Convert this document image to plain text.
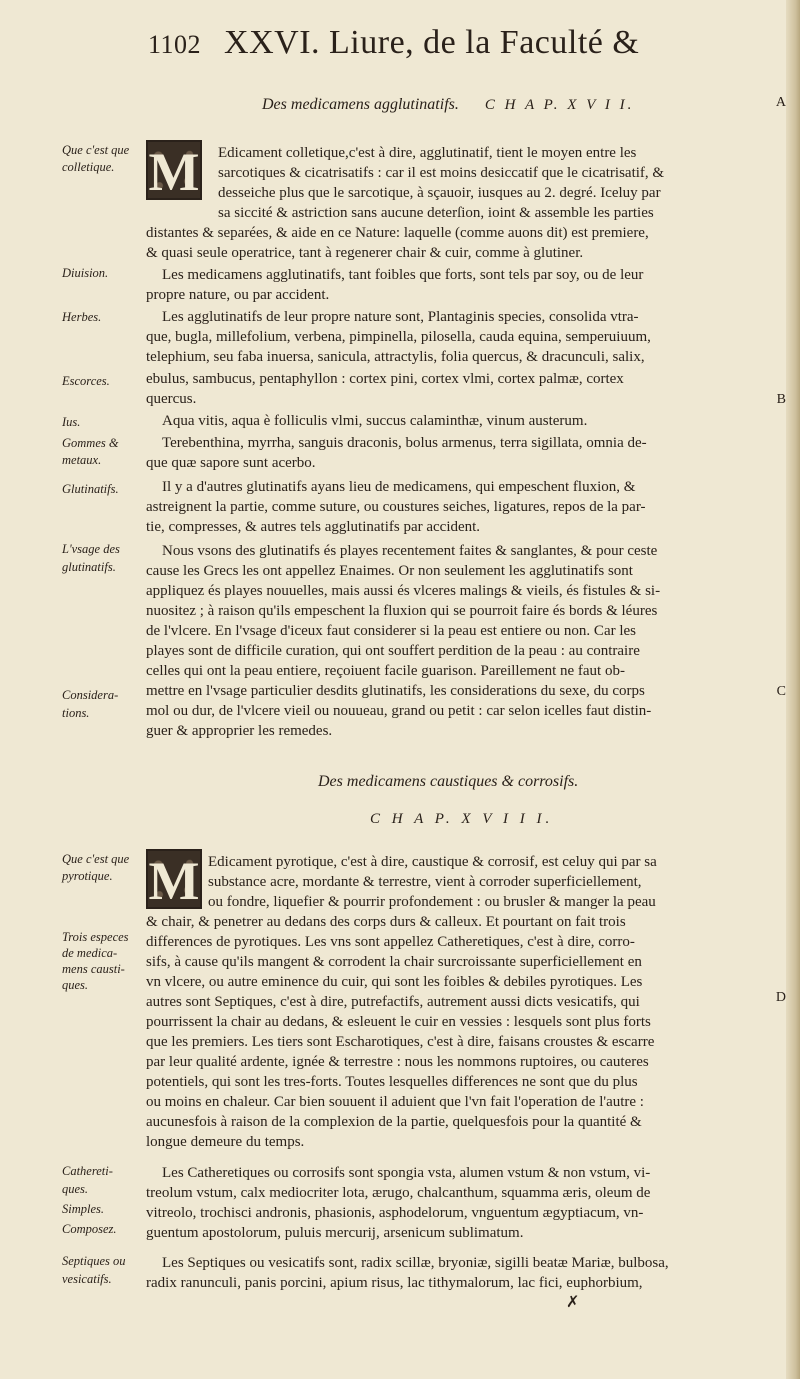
1102 XXVI. Liure, de la Faculté &
A
B
C
D
Des medicamens agglutinatifs. C H A P. X V I I.
M
Que c'est que
colletique.
Diuision.
Herbes.
Escorces.
Ius.
Gommes &
metaux.
Glutinatifs.
L'vsage des
glutinatifs.
Considera-
tions.
Edicament colletique,c'est à dire, agglutinatif, tient le moyen entre les
sarcotiques & cicatrisatifs : car il est moins desiccatif que le cicatrisatif, &
desseiche plus que le sarcotique, à sçauoir, iusques au 2. degré. Iceluy par
sa siccité & astriction sans aucune deterſion, ioint & assemble les parties
distantes & separées, & aide en ce Nature: laquelle (comme auons dit) est premiere,
& quasi seule operatrice, tant à regenerer chair & cuir, comme à glutiner.
Les medicamens agglutinatifs, tant foibles que forts, sont tels par soy, ou de leur
propre nature, ou par accident.
Les agglutinatifs de leur propre nature sont, Plantaginis species, consolida vtra-
que, bugla, millefolium, verbena, pimpinella, pilosella, cauda equina, semperuiuum,
telephium, seu faba inuersa, sanicula, attractylis, folia quercus, & dracunculi, salix,
ebulus, sambucus, pentaphyllon : cortex pini, cortex vlmi, cortex palmæ, cortex
quercus.
Aqua vitis, aqua è folliculis vlmi, succus calaminthæ, vinum austerum.
Terebenthina, myrrha, sanguis draconis, bolus armenus, terra sigillata, omnia de-
que quæ sapore sunt acerbo.
Il y a d'autres glutinatifs ayans lieu de medicamens, qui empeschent fluxion, &
astreignent la partie, comme suture, ou coustures seiches, ligatures, repos de la par-
tie, compresses, & autres tels agglutinatifs par accident.
Nous vsons des glutinatifs és playes recentement faites & sanglantes, & pour ceste
cause les Grecs les ont appellez Enaimes. Or non seulement les agglutinatifs sont
appliquez és playes nouuelles, mais aussi és vlceres malings & vieils, és fistules & si-
nuositez ; à raison qu'ils empeschent la fluxion qui se pourroit faire és bords & léures
de l'vlcere. En l'vsage d'iceux faut considerer si la peau est entiere ou non. Car les
playes sont de difficile curation, qui ont souffert perdition de la peau : au contraire
celles qui ont la peau entiere, reçoiuent facile guarison. Pareillement ne faut ob-
mettre en l'vsage particulier desdits glutinatifs, les considerations du sexe, du corps
mol ou dur, de l'vlcere vieil ou nouueau, grand ou petit : car selon icelles faut distin-
guer & approprier les remedes.
Des medicamens caustiques & corrosifs.
C H A P. X V I I I.
M
Que c'est que
pyrotique.
Trois especes
de medica-
mens causti-
ques.
Cathereti-
ques.
Simples.
Composez.
Septiques ou
vesicatifs.
Edicament pyrotique, c'est à dire, caustique & corrosif, est celuy qui par sa
substance acre, mordante & terrestre, vient à corroder superficiellement,
ou fondre, liquefier & pourrir profondement : ou brusler & manger la peau
& chair, & penetrer au dedans des corps durs & calleux. Et pourtant on fait trois
differences de pyrotiques. Les vns sont appellez Catheretiques, c'est à dire, corro-
sifs, à cause qu'ils mangent & corrodent la chair surcroissante superficiellement en
vn vlcere, ou autre eminence du cuir, qui sont les foibles & debiles pyrotiques. Les
autres sont Septiques, c'est à dire, putrefactifs, autrement aussi dicts vesicatifs, qui
pourrissent la chair au dedans, & esleuent le cuir en vessies : lesquels sont plus forts
que les premiers. Les tiers sont Escharotiques, c'est à dire, faisans croustes & escarre
par leur qualité ardente, ignée & terrestre : nous les nommons ruptoires, ou cauteres
potentiels, qui sont les tres-forts. Toutes lesquelles differences ne sont que du plus
ou moins en chaleur. Car bien souuent il aduient que l'vn fait l'operation de l'autre :
aucunesfois à raison de la complexion de la partie, quelquesfois pour la quantité &
longue demeure du temps.
Les Catheretiques ou corrosifs sont spongia vsta, alumen vstum & non vstum, vi-
treolum vstum, calx mediocriter lota, ærugo, chalcanthum, squamma æris, oleum de
vitreolo, trochisci andronis, phasionis, asphodelorum, vnguentum ægyptiacum, vn-
guentum apostolorum, puluis mercurij, arsenicum sublimatum.
Les Septiques ou vesicatifs sont, radix scillæ, bryoniæ, sigilli beatæ Mariæ, bulbosa,
radix ranunculi, panis porcini, apium risus, lac tithymalorum, lac fici, euphorbium,
✗
